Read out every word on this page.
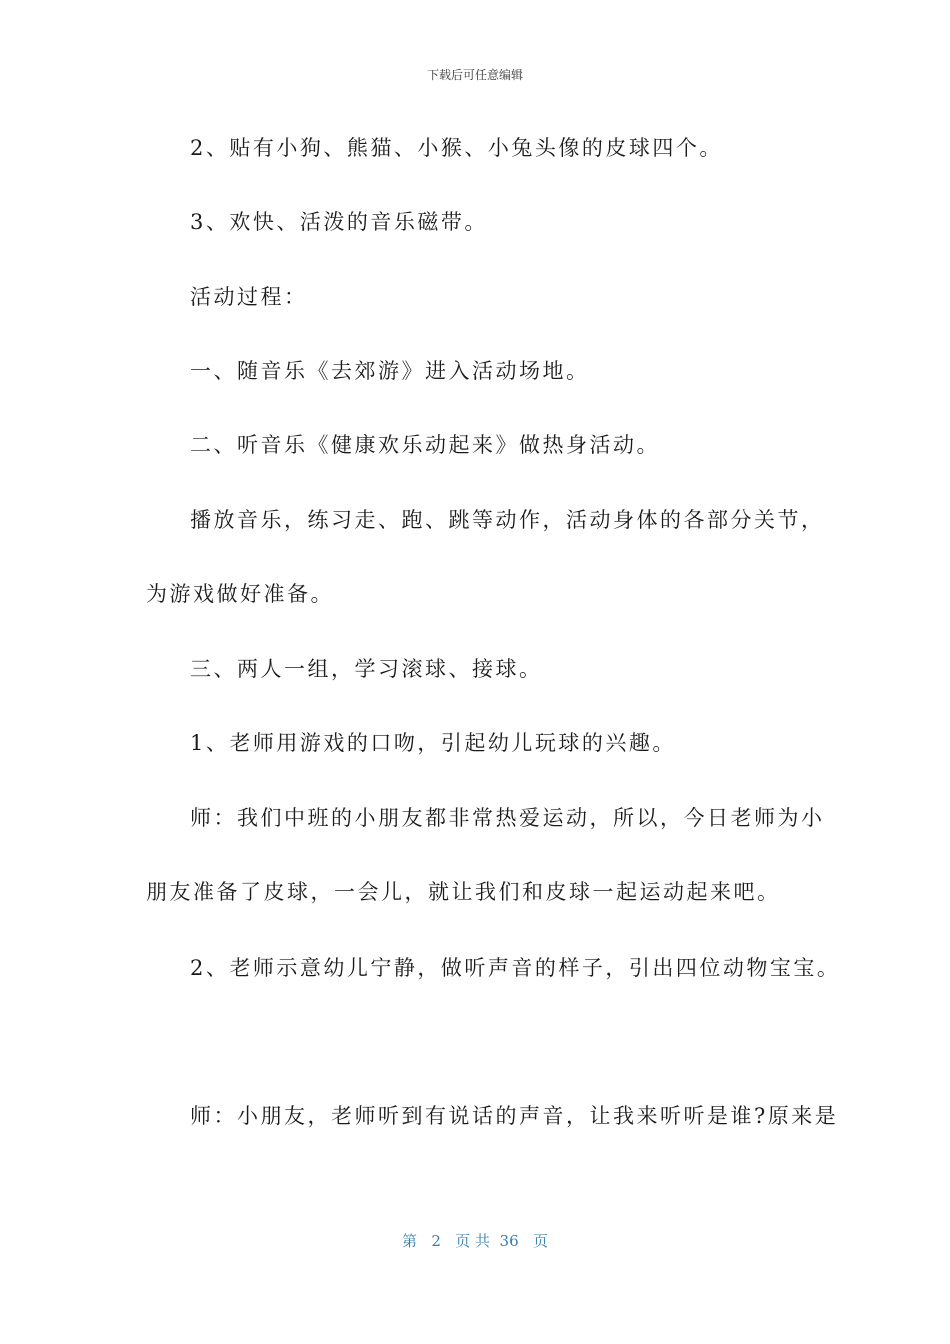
下载后可任意编辑
2、贴有小狗、熊猫、小猴、小兔头像的皮球四个。
3、欢快、活泼的音乐磁带。
活动过程：
一、随音乐《去郊游》进入活动场地。
二、听音乐《健康欢乐动起来》做热身活动。
播放音乐，练习走、跑、跳等动作，活动身体的各部分关节，
为游戏做好准备。
三、两人一组，学习滚球、接球。
1、老师用游戏的口吻，引起幼儿玩球的兴趣。
师：我们中班的小朋友都非常热爱运动，所以，今日老师为小
朋友准备了皮球，一会儿，就让我们和皮球一起运动起来吧。
2、老师示意幼儿宁静，做听声音的样子，引出四位动物宝宝。
师：小朋友，老师听到有说话的声音，让我来听听是谁?原来是
第 2 页 共 36 页
